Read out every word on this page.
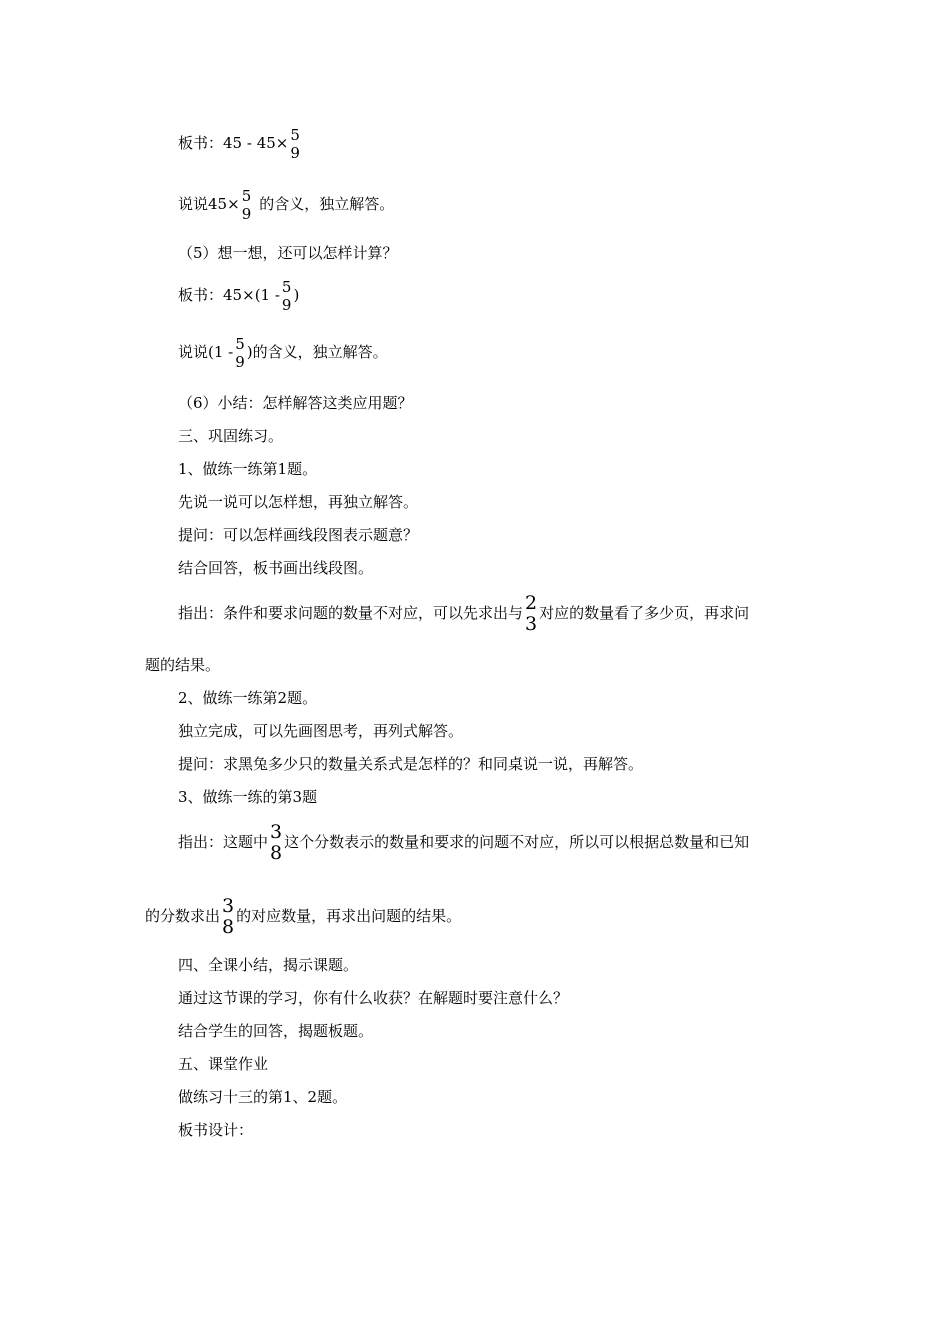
板书：45 - 45× 5
9
说说45× 5
9
的含义，独立解答。
（5）想一想，还可以怎样计算？
板书：45×(1 - 5
9
)
说说(1 - 5
9
)的含义，独立解答。
（6）小结：怎样解答这类应用题？
三、巩固练习。
1、做练一练第1题。
先说一说可以怎样想，再独立解答。
提问：可以怎样画线段图表示题意？
结合回答，板书画出线段图。
指出：条件和要求问题的数量不对应，可以先求出与 2
3 对应的数量看了多少页，再求问
题的结果。
2、做练一练第2题。
独立完成，可以先画图思考，再列式解答。
提问：求黑兔多少只的数量关系式是怎样的？和同桌说一说，再解答。
3、做练一练的第3题
指出：这题中 3
8 这个分数表示的数量和要求的问题不对应，所以可以根据总数量和已知
的分数求出 3
8 的对应数量，再求出问题的结果。
四、全课小结，揭示课题。
通过这节课的学习，你有什么收获？在解题时要注意什么？
结合学生的回答，揭题板题。
五、课堂作业
做练习十三的第1、2题。
板书设计：
